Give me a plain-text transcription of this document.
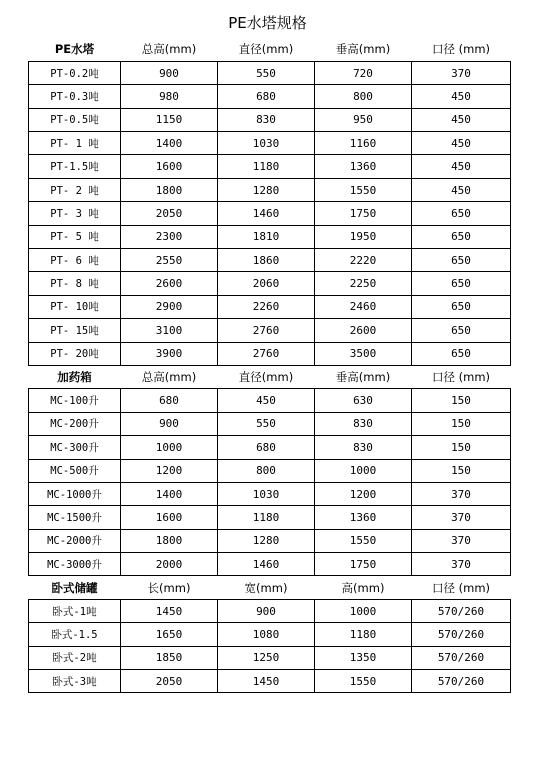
PE水塔规格
PE水塔	总高(mm)	直径(mm)	垂高(mm)	口径 (mm)
PT-0.2吨	900	550	720	370
PT-0.3吨	980	680	800	450
PT-0.5吨	1150	830	950	450
PT- 1 吨	1400	1030	1160	450
PT-1.5吨	1600	1180	1360	450
PT- 2 吨	1800	1280	1550	450
PT- 3 吨	2050	1460	1750	650
PT- 5 吨	2300	1810	1950	650
PT- 6 吨	2550	1860	2220	650
PT- 8 吨	2600	2060	2250	650
PT- 10吨	2900	2260	2460	650
PT- 15吨	3100	2760	2600	650
PT- 20吨	3900	2760	3500	650
加药箱	总高(mm)	直径(mm)	垂高(mm)	口径 (mm)
MC-100升	680	450	630	150
MC-200升	900	550	830	150
MC-300升	1000	680	830	150
MC-500升	1200	800	1000	150
MC-1000升	1400	1030	1200	370
MC-1500升	1600	1180	1360	370
MC-2000升	1800	1280	1550	370
MC-3000升	2000	1460	1750	370
卧式储罐	长(mm)	宽(mm)	高(mm)	口径 (mm)
卧式-1吨	1450	900	1000	570/260
卧式-1.5	1650	1080	1180	570/260
卧式-2吨	1850	1250	1350	570/260
卧式-3吨	2050	1450	1550	570/260
